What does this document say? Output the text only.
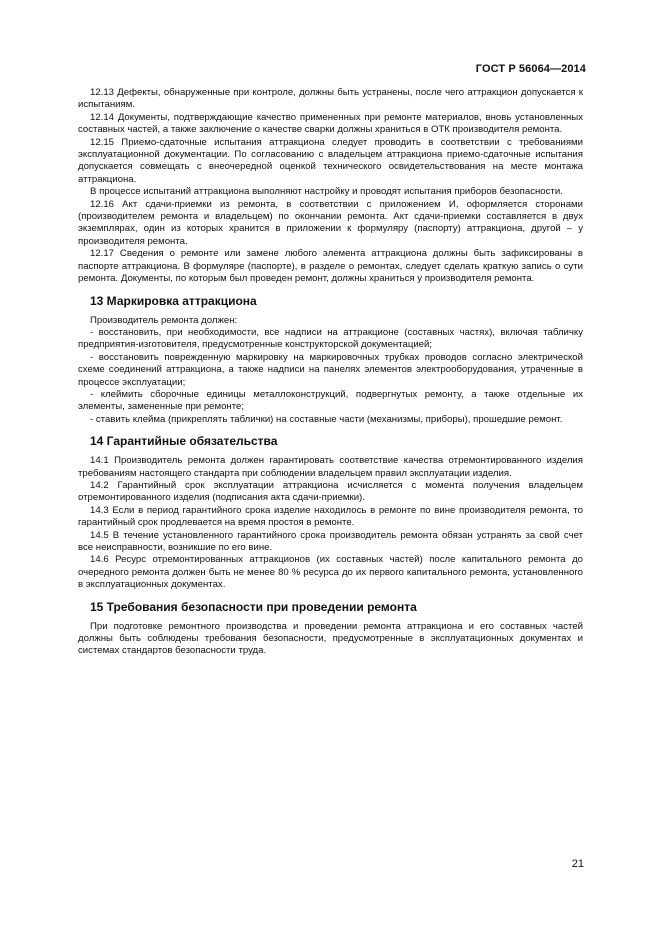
ГОСТ Р 56064—2014

12.13 Дефекты, обнаруженные при контроле, должны быть устранены, после чего аттракцион допускается к испытаниям.

12.14 Документы, подтверждающие качество примененных при ремонте материалов, вновь установленных составных частей, а также заключение о качестве сварки должны храниться в ОТК производителя ремонта.

12.15 Приемо-сдаточные испытания аттракциона следует проводить в соответствии с требованиями эксплуатационной документации. По согласованию с владельцем аттракциона приемо-сдаточные испытания допускается совмещать с внеочередной оценкой технического освидетельствования на месте монтажа аттракциона.

В процессе испытаний аттракциона выполняют настройку и проводят испытания приборов безопасности.

12.16 Акт сдачи-приемки из ремонта, в соответствии с приложением И, оформляется сторонами (производителем ремонта и владельцем) по окончании ремонта. Акт сдачи-приемки составляется в двух экземплярах, один из которых хранится в приложении к формуляру (паспорту) аттракциона, другой – у производителя ремонта.

12.17 Сведения о ремонте или замене любого элемента аттракциона должны быть зафиксированы в паспорте аттракциона. В формуляре (паспорте), в разделе о ремонтах, следует сделать краткую запись о сути ремонта. Документы, по которым был проведен ремонт, должны храниться у производителя ремонта.

13 Маркировка аттракциона

Производитель ремонта должен:

- восстановить, при необходимости, все надписи на аттракционе (составных частях), включая табличку предприятия-изготовителя, предусмотренные конструкторской документацией;

- восстановить поврежденную маркировку на маркировочных трубках проводов согласно электрической схеме соединений аттракциона, а также надписи на панелях элементов электрооборудования, утраченные в процессе эксплуатации;

- клеймить сборочные единицы металлоконструкций, подвергнутых ремонту, а также отдельные их элементы, замененные при ремонте;

- ставить клейма (прикреплять таблички) на составные части (механизмы, приборы), прошедшие ремонт.

14 Гарантийные обязательства

14.1 Производитель ремонта должен гарантировать соответствие качества отремонтированного изделия требованиям настоящего стандарта при соблюдении владельцем правил эксплуатации изделия.

14.2 Гарантийный срок эксплуатации аттракциона исчисляется с момента получения владельцем отремонтированного изделия (подписания акта сдачи-приемки).

14.3 Если в период гарантийного срока изделие находилось в ремонте по вине производителя ремонта, то гарантийный срок продлевается на время простоя в ремонте.

14.5 В течение установленного гарантийного срока производитель ремонта обязан устранять за свой счет все неисправности, возникшие по его вине.

14.6 Ресурс отремонтированных аттракционов (их составных частей) после капитального ремонта до очередного ремонта должен быть не менее 80 % ресурса до их первого капитального ремонта, установленного в эксплуатационных документах.

15 Требования безопасности при проведении ремонта

При подготовке ремонтного производства и проведении ремонта аттракциона и его составных частей должны быть соблюдены требования безопасности, предусмотренные в эксплуатационных документах и системах стандартов безопасности труда.

21
